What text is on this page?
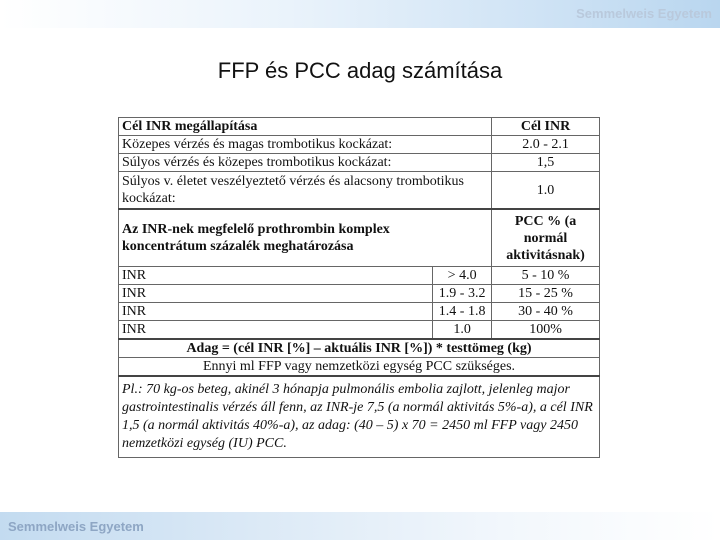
Semmelweis Egyetem
FFP és PCC adag számítása
Cél INR megállapítása		Cél INR
Közepes vérzés és magas trombotikus kockázat:		2.0 - 2.1
Súlyos vérzés és közepes trombotikus kockázat:		1,5
Súlyos v. életet veszélyeztető vérzés és alacsony trombotikus kockázat:		1.0
Az INR-nek megfelelő prothrombin komplex koncentrátum százalék meghatározása		PCC % (a normál aktivitásnak)
INR	> 4.0	5 - 10 %
INR	1.9 - 3.2	15 - 25 %
INR	1.4 - 1.8	30 - 40 %
INR	1.0	100%
Adag = (cél INR [%] – aktuális INR [%]) * testtömeg (kg)		
Ennyi ml FFP vagy nemzetközi egység PCC szükséges.		
Pl.: 70 kg-os beteg, akinél 3 hónapja pulmonális embolia zajlott, jelenleg major gastrointestinalis vérzés áll fenn, az INR-je 7,5 (a normál aktivitás 5%-a), a cél INR 1,5 (a normál aktivitás 40%-a), az adag: (40 – 5) x 70 = 2450 ml FFP vagy 2450 nemzetközi egység (IU) PCC.		
Semmelweis Egyetem
